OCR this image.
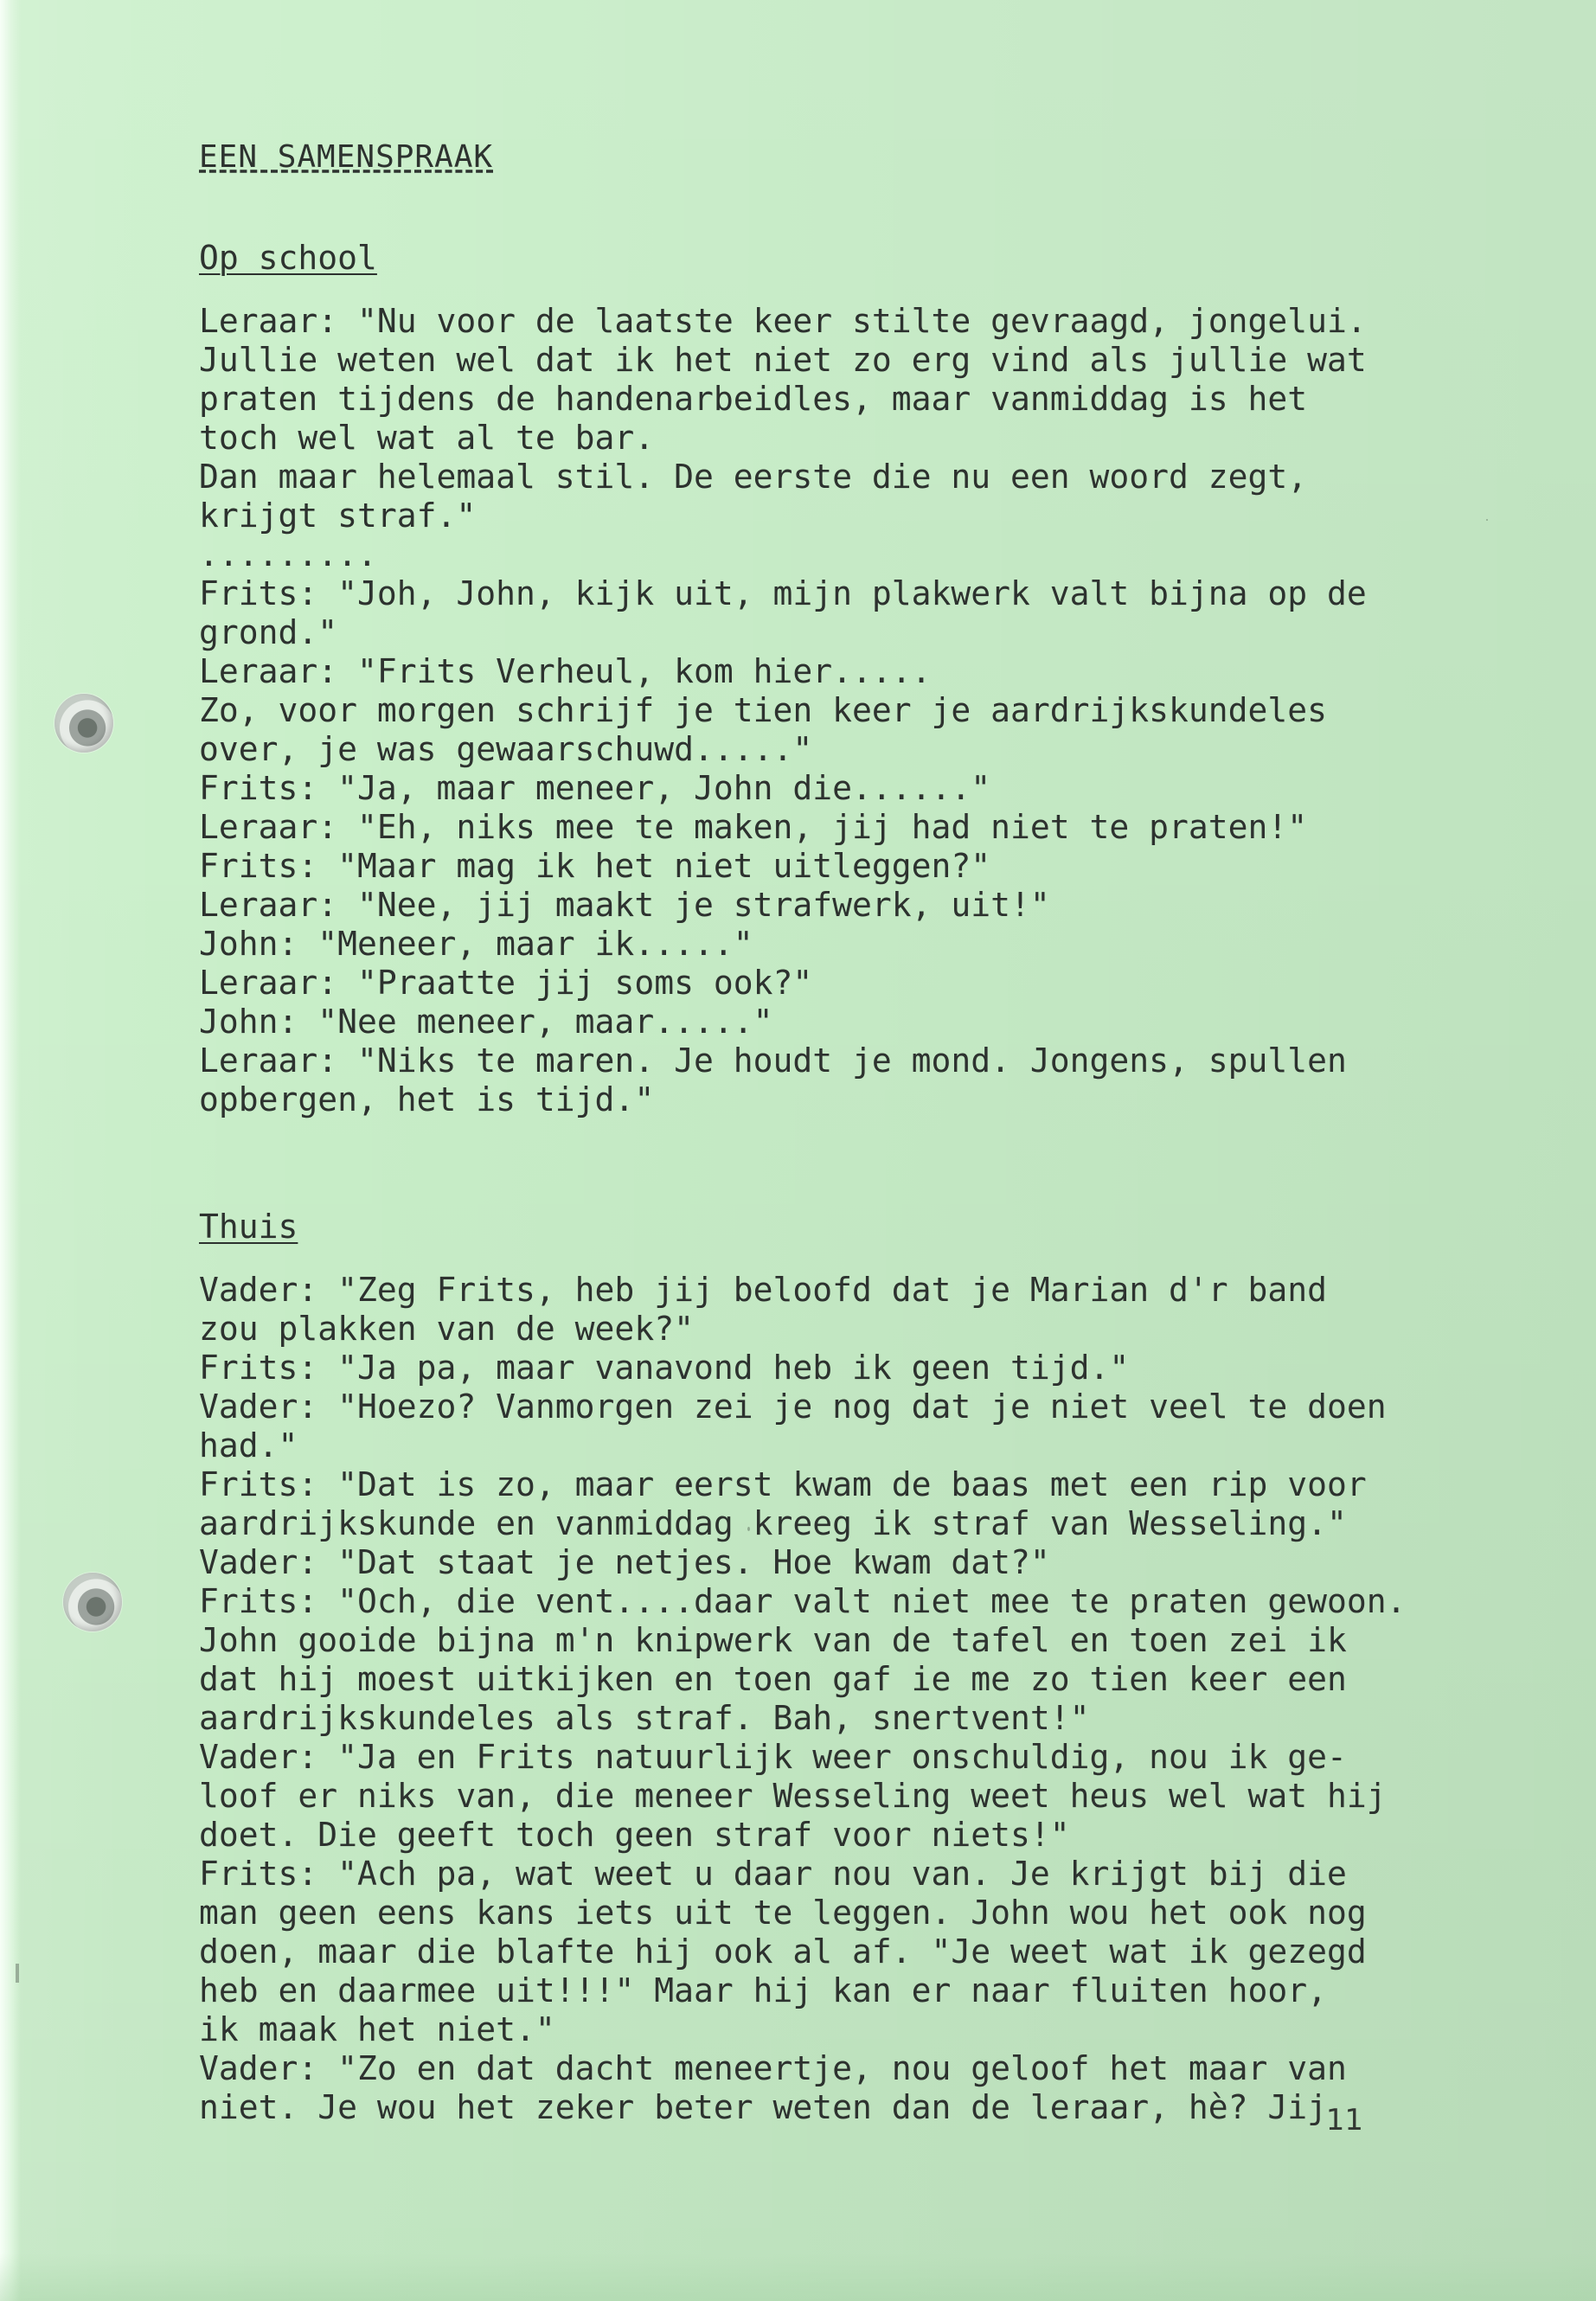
EEN SAMENSPRAAK
Op school
Leraar: "Nu voor de laatste keer stilte gevraagd, jongelui.
Jullie weten wel dat ik het niet zo erg vind als jullie wat
praten tijdens de handenarbeidles, maar vanmiddag is het
toch wel wat al te bar.
Dan maar helemaal stil. De eerste die nu een woord zegt,
krijgt straf."
.........
Frits: "Joh, John, kijk uit, mijn plakwerk valt bijna op de
grond."
Leraar: "Frits Verheul, kom hier.....
Zo, voor morgen schrijf je tien keer je aardrijkskundeles
over, je was gewaarschuwd....."
Frits: "Ja, maar meneer, John die......"
Leraar: "Eh, niks mee te maken, jij had niet te praten!"
Frits: "Maar mag ik het niet uitleggen?"
Leraar: "Nee, jij maakt je strafwerk, uit!"
John: "Meneer, maar ik....."
Leraar: "Praatte jij soms ook?"
John: "Nee meneer, maar....."
Leraar: "Niks te maren. Je houdt je mond. Jongens, spullen
opbergen, het is tijd."
Thuis
Vader: "Zeg Frits, heb jij beloofd dat je Marian d'r band
zou plakken van de week?"
Frits: "Ja pa, maar vanavond heb ik geen tijd."
Vader: "Hoezo? Vanmorgen zei je nog dat je niet veel te doen
had."
Frits: "Dat is zo, maar eerst kwam de baas met een rip voor
aardrijkskunde en vanmiddag kreeg ik straf van Wesseling."
Vader: "Dat staat je netjes. Hoe kwam dat?"
Frits: "Och, die vent....daar valt niet mee te praten gewoon.
John gooide bijna m'n knipwerk van de tafel en toen zei ik
dat hij moest uitkijken en toen gaf ie me zo tien keer een
aardrijkskundeles als straf. Bah, snertvent!"
Vader: "Ja en Frits natuurlijk weer onschuldig, nou ik ge-
loof er niks van, die meneer Wesseling weet heus wel wat hij
doet. Die geeft toch geen straf voor niets!"
Frits: "Ach pa, wat weet u daar nou van. Je krijgt bij die
man geen eens kans iets uit te leggen. John wou het ook nog
doen, maar die blafte hij ook al af. "Je weet wat ik gezegd
heb en daarmee uit!!!" Maar hij kan er naar fluiten hoor,
ik maak het niet."
Vader: "Zo en dat dacht meneertje, nou geloof het maar van
niet. Je wou het zeker beter weten dan de leraar, hè? Jij
11
